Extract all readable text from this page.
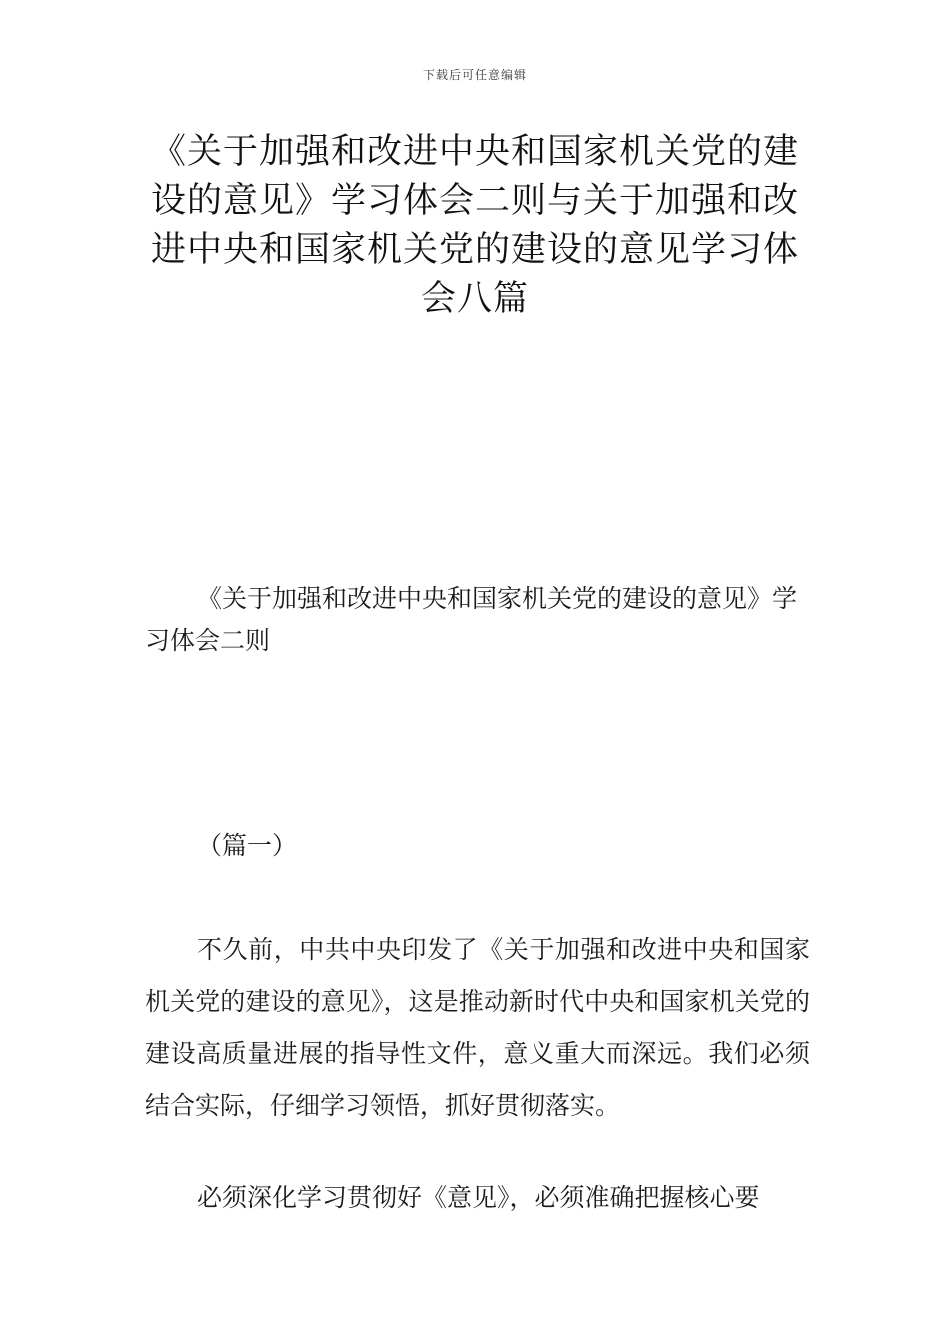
下载后可任意编辑
《关于加强和改进中央和国家机关党的建设的意见》学习体会二则与关于加强和改进中央和国家机关党的建设的意见学习体会八篇

《关于加强和改进中央和国家机关党的建设的意见》学习体会二则

（篇一）

不久前，中共中央印发了《关于加强和改进中央和国家机关党的建设的意见》，这是推动新时代中央和国家机关党的建设高质量进展的指导性文件，意义重大而深远。我们必须结合实际，仔细学习领悟，抓好贯彻落实。

必须深化学习贯彻好《意见》，必须准确把握核心要
